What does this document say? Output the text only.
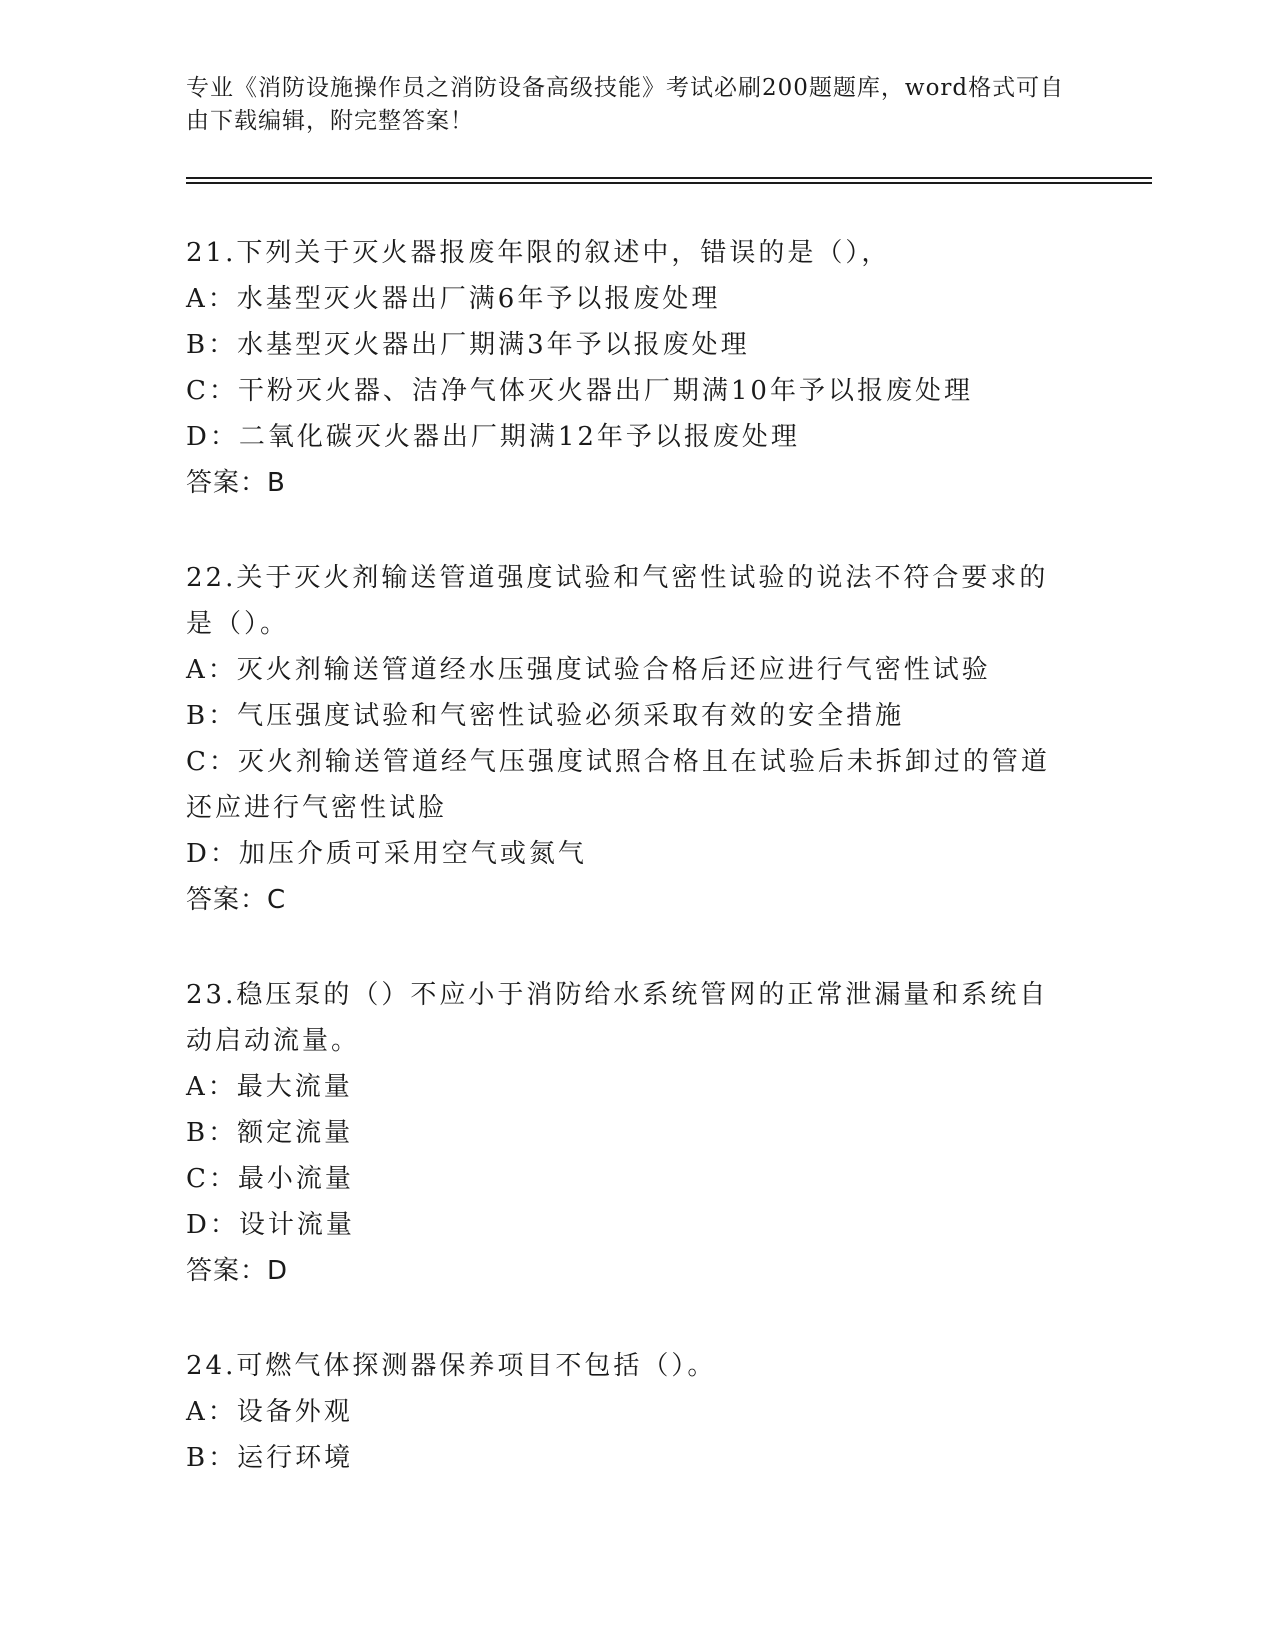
专业《消防设施操作员之消防设备高级技能》考试必刷200题题库，word格式可自由下载编辑，附完整答案！
21.下列关于灭火器报废年限的叙述中，错误的是（），
A：水基型灭火器出厂满6年予以报废处理
B：水基型灭火器出厂期满3年予以报废处理
C：干粉灭火器、洁净气体灭火器出厂期满10年予以报废处理
D：二氧化碳灭火器出厂期满12年予以报废处理
答案：B
22.关于灭火剂输送管道强度试验和气密性试验的说法不符合要求的是（）。
A：灭火剂输送管道经水压强度试验合格后还应进行气密性试验
B：气压强度试验和气密性试验必须采取有效的安全措施
C：灭火剂输送管道经气压强度试照合格且在试验后未拆卸过的管道还应进行气密性试脸
D：加压介质可采用空气或氮气
答案：C
23.稳压泵的（）不应小于消防给水系统管网的正常泄漏量和系统自动启动流量。
A：最大流量
B：额定流量
C：最小流量
D：设计流量
答案：D
24.可燃气体探测器保养项目不包括（）。
A：设备外观
B：运行环境
